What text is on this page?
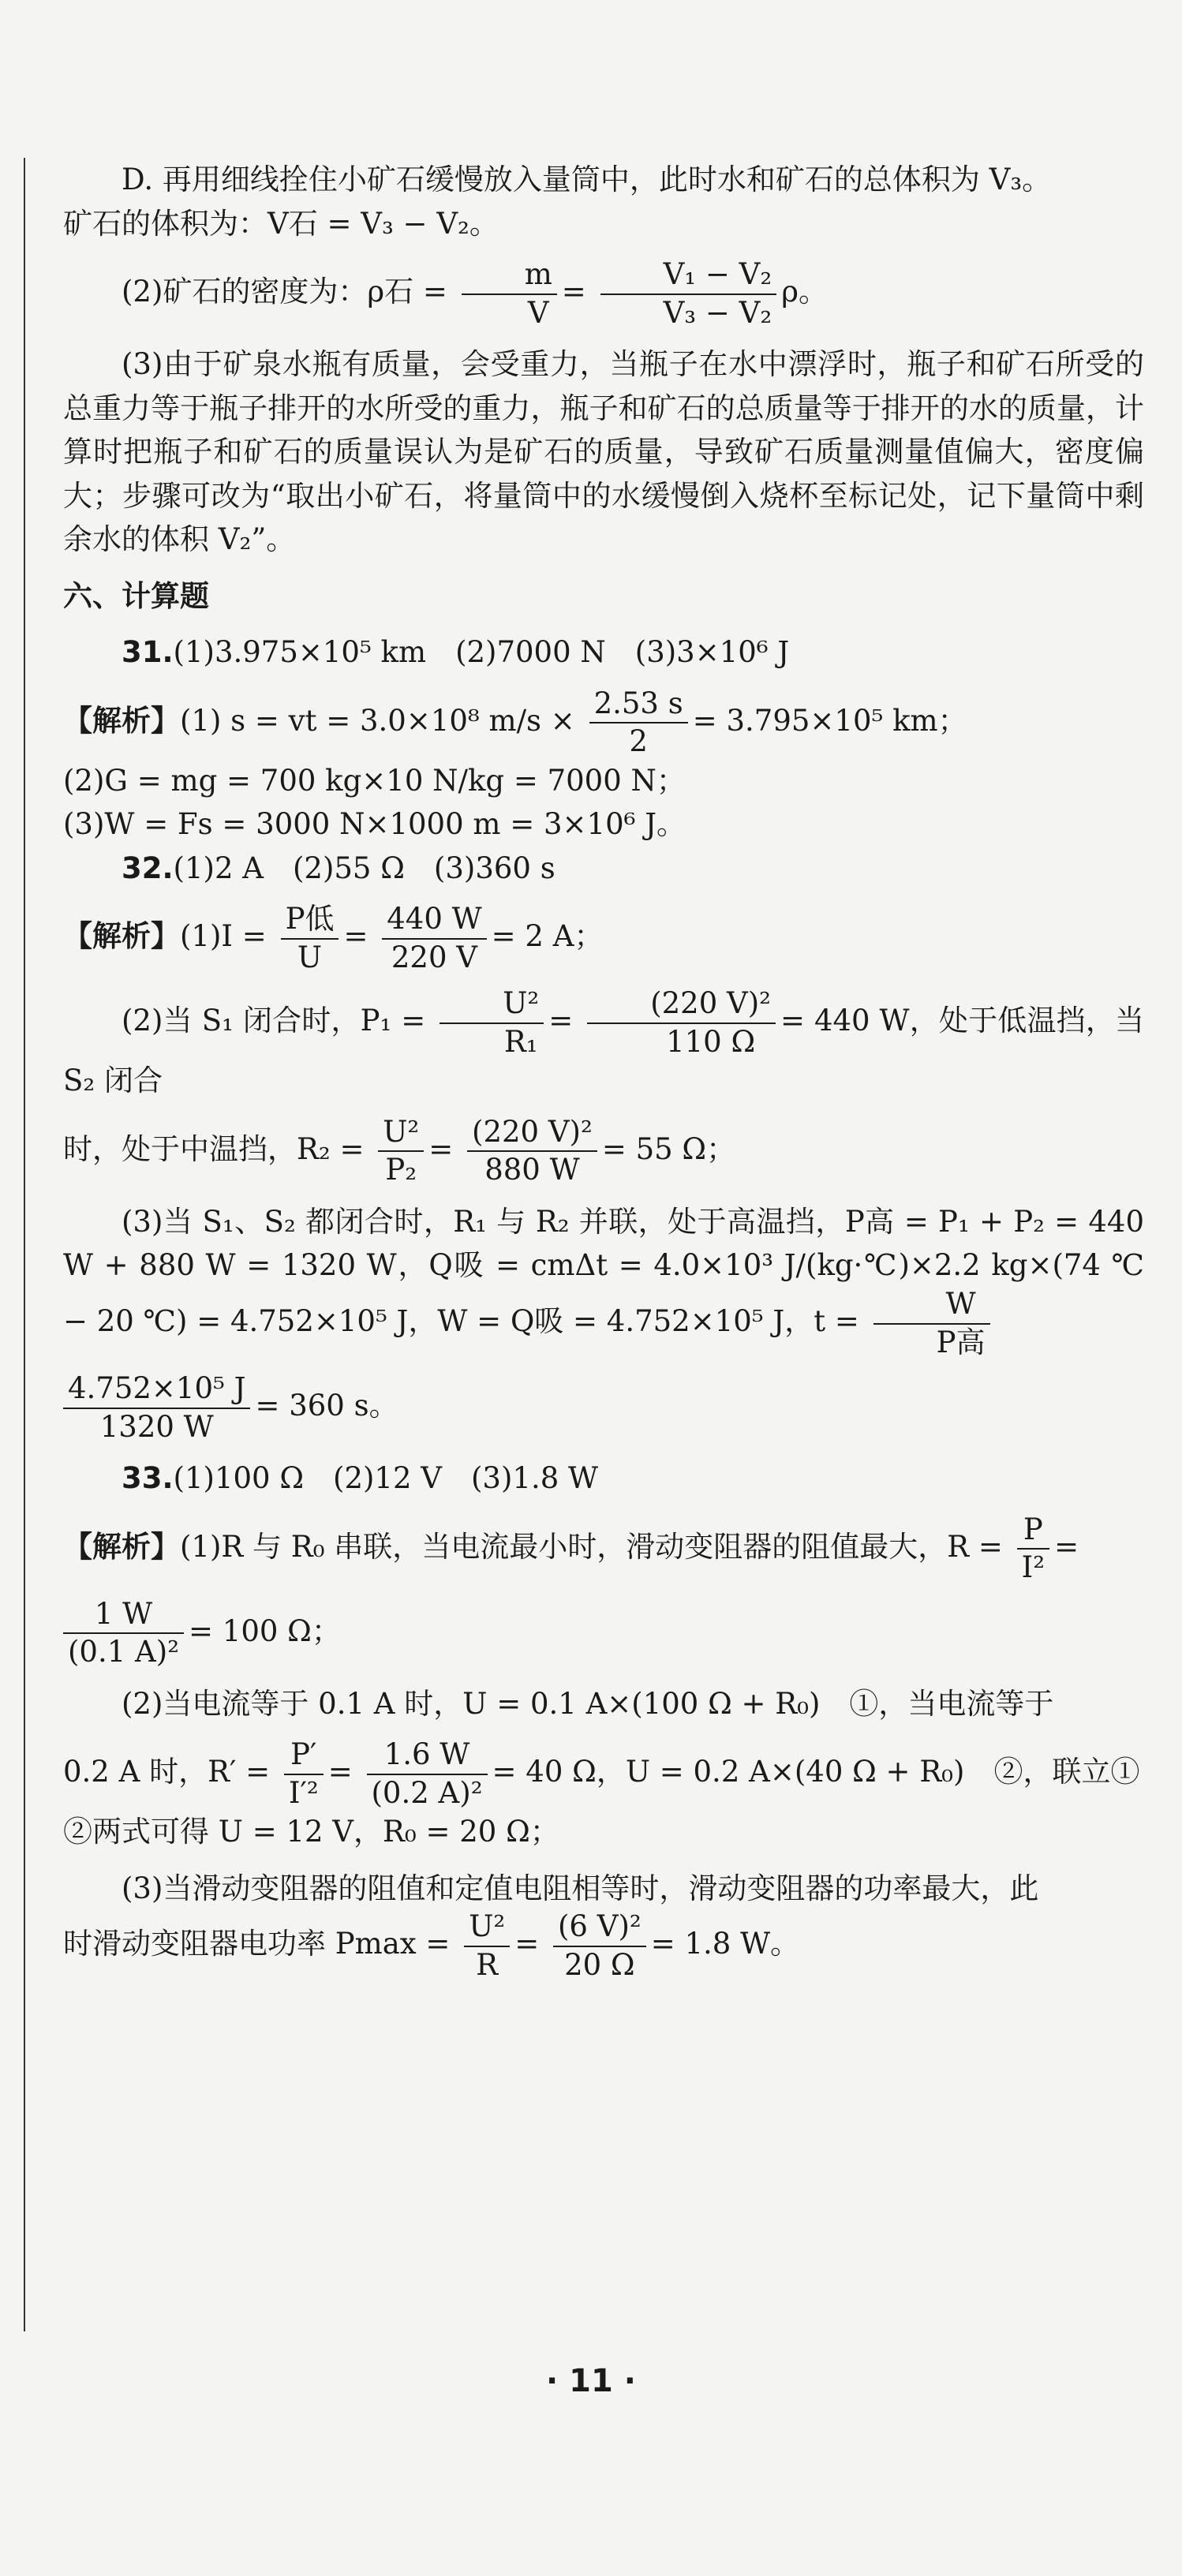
D. 再用细线拴住小矿石缓慢放入量筒中，此时水和矿石的总体积为 V₃。

矿石的体积为：V石 = V₃ − V₂。

(2)矿石的密度为：ρ石 = $\frac{m}{V} = \frac{\text{V₁ − V₂}}{\text{V₃ − V₂}}$ ρ。

(3)由于矿泉水瓶有质量，会受重力，当瓶子在水中漂浮时，瓶子和矿石所受的总重力等于瓶子排开的水所受的重力，瓶子和矿石的总质量等于排开的水的质量，计算时把瓶子和矿石的质量误认为是矿石的质量，导致矿石质量测量值偏大，密度偏大；步骤可改为“取出小矿石，将量筒中的水缓慢倒入烧杯至标记处，记下量筒中剩余水的体积 V₂”。

六、计算题

31.(1)3.975×10⁵ km　(2)7000 N　(3)3×10⁶ J

【解析】(1) s = vt = 3.0×10⁸ $m/s \times \frac{2.53 s}{2} = 3.795\times 10^5$ km；

(2)G = mg = 700 kg×10 N/kg = 7000 N；

(3)W = Fs = 3000 N×1000 m = 3×10⁶ J。

32.(1)2 A　(2)55 Ω　(3)360 s

【解析】$(1)I = \frac{\text{P低}}{U} = \frac{440 W}{220 V} = 2$ A；

(2)当 S₁ 闭合时，$P_1 = \frac{\text{U²}}{\text{R₁}} = \frac{\text{(220 V)²}}{110 \Omega} = 440$ W，处于低温挡，当 S₂ 闭合

时，处于中温挡，$R_2 = \frac{\text{U²}}{\text{P₂}} = \frac{\text{(220 V)²}}{880 W} = 55$ Ω；

(3)当 S₁、S₂ 都闭合时，R₁ 与 R₂ 并联，处于高温挡，P高 = P₁ + P₂ = 440 W + 880 W = 1320 W，Q吸 = cmΔt = 4.0×10³ J/(kg·℃)×2.2 kg×(74 ℃ − 20 ℃) = 4.752×10⁵ J，W = Q吸 = 4.752×10⁵ J，$t = \frac{W}{\text{P高}}$

$\frac{\text{4.752×10⁵ J}}{1320 W} = 360$ s。

33.(1)100 Ω　(2)12 V　(3)1.8 W

【解析】(1)R 与 R₀ 串联，当电流最小时，滑动变阻器的阻值最大，$R = \frac{P}{\text{I²}}$ =

$\frac{1 W}{\text{(0.1 A)²}} = 100$ Ω；

(2)当电流等于 0.1 A 时，U = 0.1 A×(100 Ω + R₀)　①，当电流等于

0.2 A 时，$R' = \frac{P'}{\text{I′²}} = \frac{1.6 W}{\text{(0.2 A)²}} = 40$ Ω，U = 0.2 A×(40 Ω + R₀)　②，联立①

②两式可得 U = 12 V，R₀ = 20 Ω；

(3)当滑动变阻器的阻值和定值电阻相等时，滑动变阻器的功率最大，此

时滑动变阻器电功率 $Pmax = \frac{\text{U²}}{R} = \frac{\text{(6 V)²}}{20 \Omega} = 1.8$ W。

· 11 ·
